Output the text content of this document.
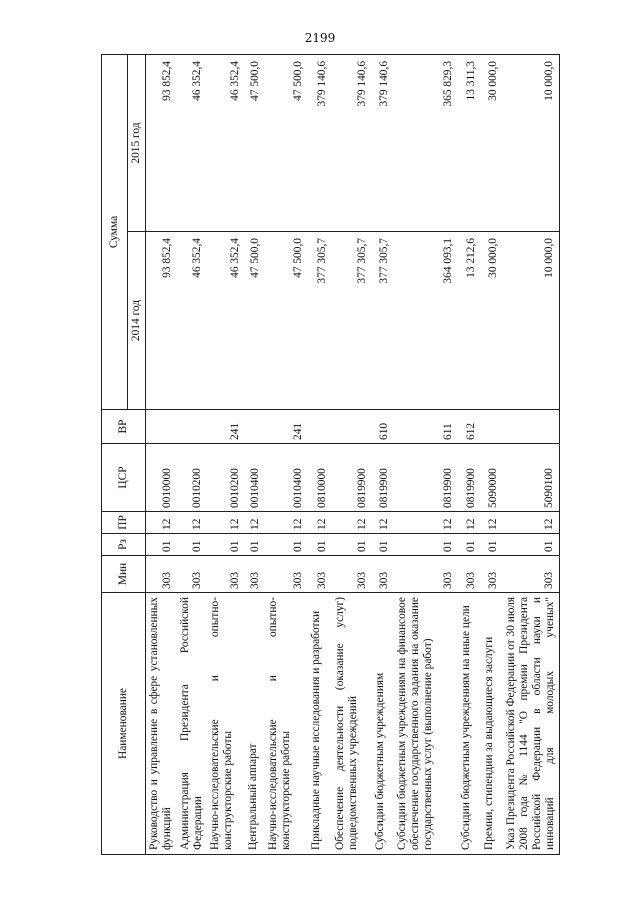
2199
Наименование	Мин	Рз	ПР	ЦСР	ВР	Сумма	
						2014 год	2015 год
Руководство и управление в сфере установленных функций	303	01	12	0010000		93 852,4	93 852,4
Администрация Президента Российской Федерации	303	01	12	0010200		46 352,4	46 352,4
Научно-исследовательские и опытно-конструкторские работы	303	01	12	0010200	241	46 352,4	46 352,4
Центральный аппарат	303	01	12	0010400		47 500,0	47 500,0
Научно-исследовательские и опытно-конструкторские работы	303	01	12	0010400	241	47 500,0	47 500,0
Прикладные научные исследования и разработки	303	01	12	0810000		377 305,7	379 140,6
Обеспечение деятельности (оказание услуг) подведомственных учреждений	303	01	12	0819900		377 305,7	379 140,6
Субсидии бюджетным учреждениям	303	01	12	0819900	610	377 305,7	379 140,6
Субсидии бюджетным учреждениям на финансовое обеспечение государственного задания на оказание государственных услуг (выполнение работ)	303	01	12	0819900	611	364 093,1	365 829,3
Субсидии бюджетным учреждениям на иные цели	303	01	12	0819900	612	13 212,6	13 311,3
Премии, стипендии за выдающиеся заслуги	303	01	12	5090000		30 000,0	30 000,0
Указ Президента Российской Федерации от 30 июля 2008 года № 1144 "О премии Президента Российской Федерации в области науки и инноваций для молодых ученых"	303	01	12	5090100		10 000,0	10 000,0
